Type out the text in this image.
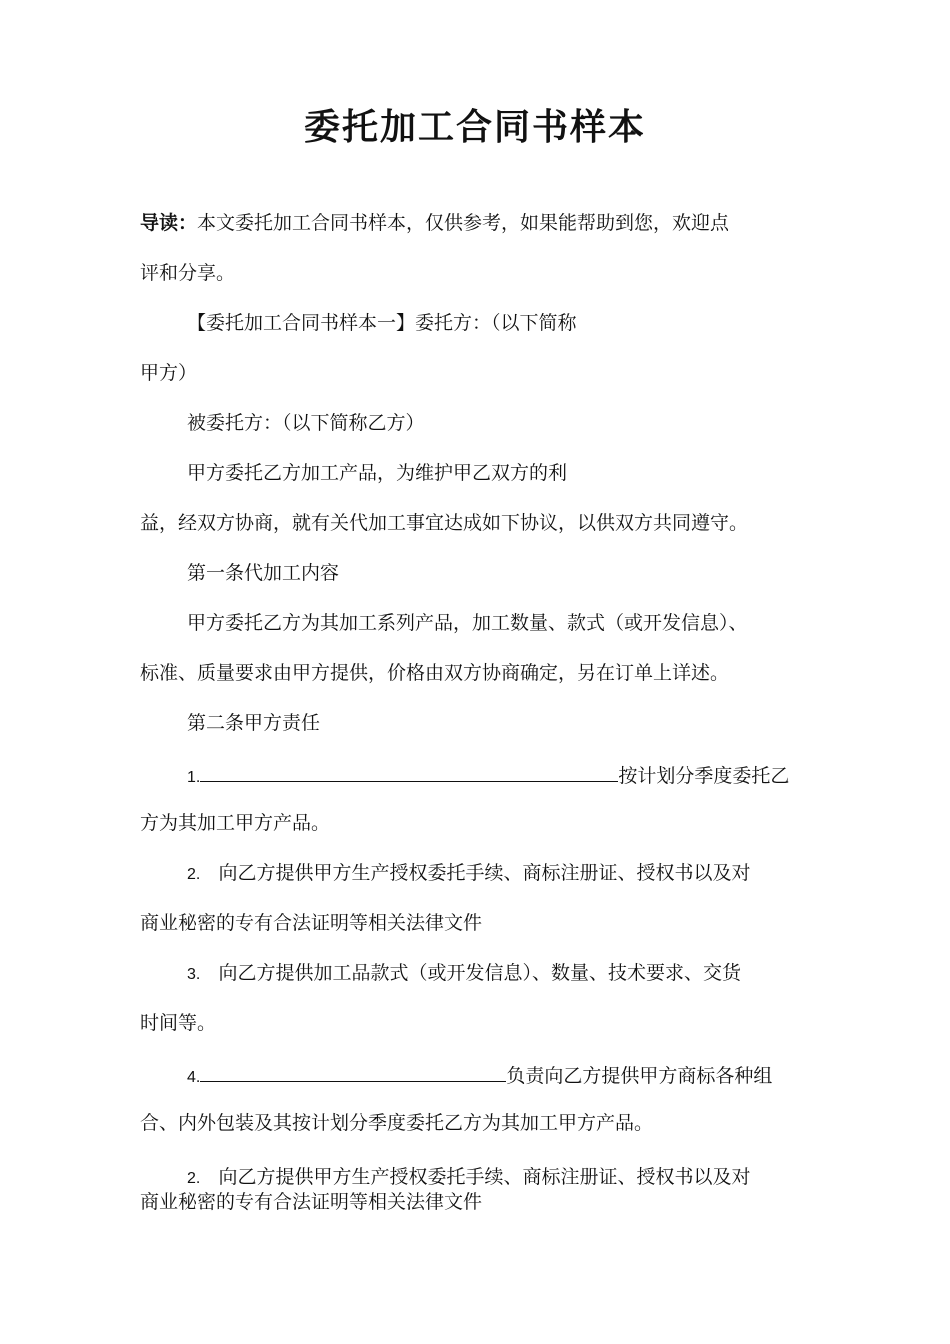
委托加工合同书样本
导读：本文委托加工合同书样本，仅供参考，如果能帮助到您，欢迎点
评和分享。
【委托加工合同书样本一】委托方：（以下简称
甲方）
被委托方：（以下简称乙方）
甲方委托乙方加工产品，为维护甲乙双方的利
益，经双方协商，就有关代加工事宜达成如下协议，以供双方共同遵守。
第一条代加工内容
甲方委托乙方为其加工系列产品，加工数量、款式（或开发信息）、
标准、质量要求由甲方提供，价格由双方协商确定，另在订单上详述。
第二条甲方责任
1.	按计划分季度委托乙
方为其加工甲方产品。
2. 向乙方提供甲方生产授权委托手续、商标注册证、授权书以及对
商业秘密的专有合法证明等相关法律文件
3. 向乙方提供加工品款式（或开发信息）、数量、技术要求、交货
时间等。
4.	负责向乙方提供甲方商标各种组
合、内外包装及其按计划分季度委托乙方为其加工甲方产品。
2. 向乙方提供甲方生产授权委托手续、商标注册证、授权书以及对
商业秘密的专有合法证明等相关法律文件
